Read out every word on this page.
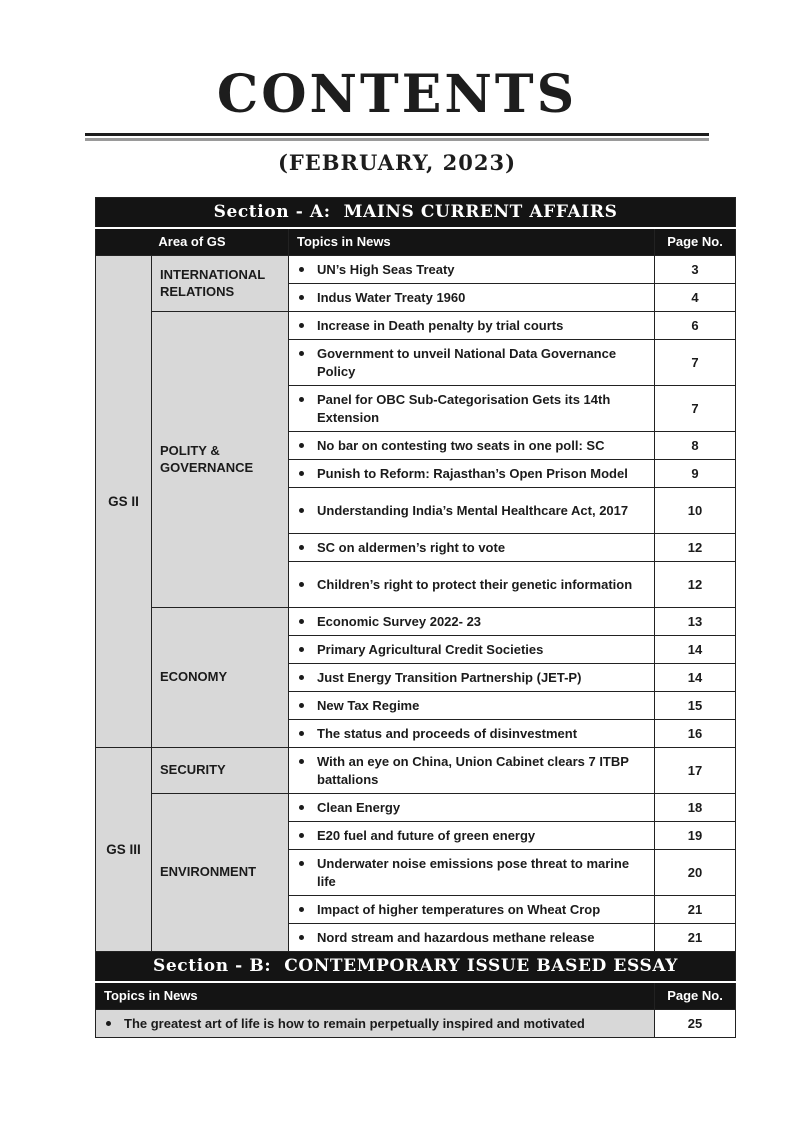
CONTENTS
(FEBRUARY, 2023)
Section - A:  MAINS CURRENT AFFAIRS			
Area of GS		Topics in News	Page No.
GS II	INTERNATIONAL RELATIONS	UN’s High Seas Treaty	3

		Indus Water Treaty 1960	4
	POLITY & GOVERNANCE	Increase in Death penalty by trial courts	6

		Government to unveil National Data Governance Policy	7

		Panel for OBC Sub-Categorisation Gets its 14th Extension	7

		No bar on contesting two seats in one poll: SC	8

		Punish to Reform: Rajasthan’s Open Prison Model	9

		Understanding India’s Mental Healthcare Act, 2017	10

		SC on aldermen’s right to vote	12

		Children’s right to protect their genetic information	12
	ECONOMY	Economic Survey 2022- 23	13

		Primary Agricultural Credit Societies	14

		Just Energy Transition Partnership (JET-P)	14

		New Tax Regime	15

		The status and proceeds of disinvestment	16
GS III	SECURITY	With an eye on China, Union Cabinet clears 7 ITBP battalions	17
	ENVIRONMENT	Clean Energy	18

		E20 fuel and future of green energy	19

		Underwater noise emissions pose threat to marine life	20

		Impact of higher temperatures on Wheat Crop	21

		Nord stream and hazardous methane release	21
Section - B:  CONTEMPORARY ISSUE BASED ESSAY			
Topics in News			Page No.

The greatest art of life is how to remain perpetually inspired and motivated			25
